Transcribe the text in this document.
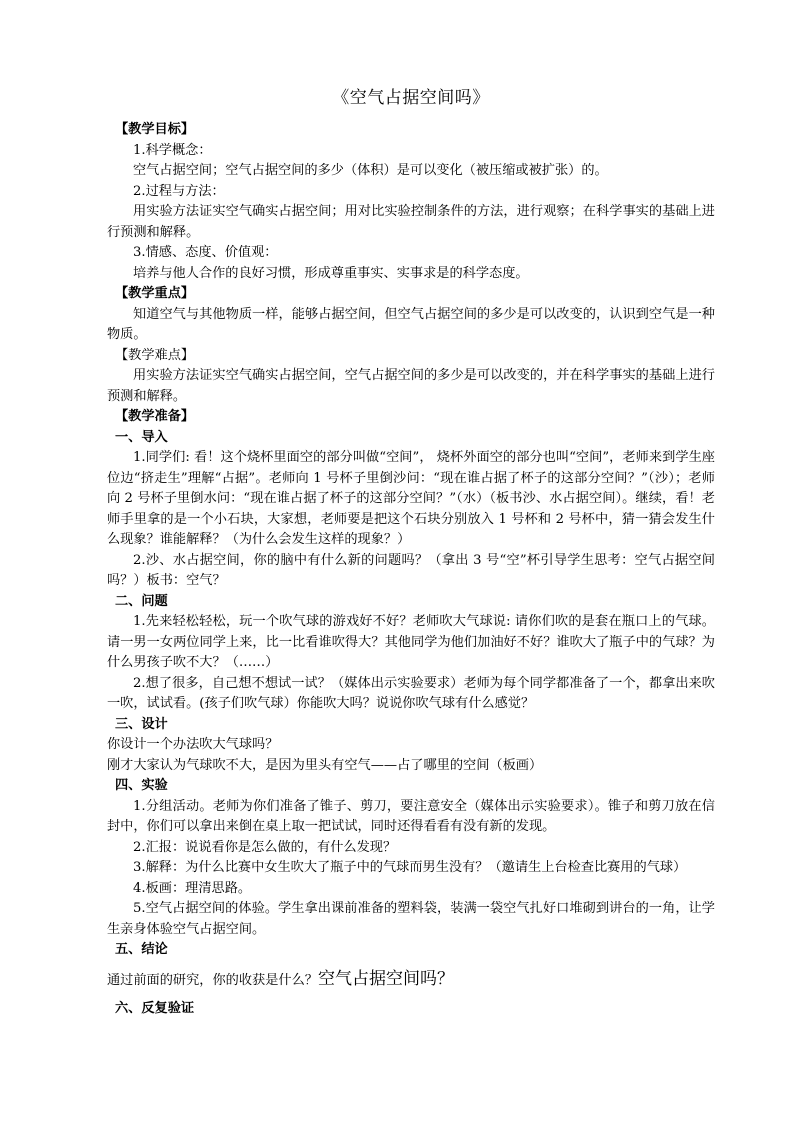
《空气占据空间吗》

【教学目标】

1.科学概念：

空气占据空间；空气占据空间的多少（体积）是可以变化（被压缩或被扩张）的。

2.过程与方法：

用实验方法证实空气确实占据空间；用对比实验控制条件的方法，进行观察；在科学事实的基础上进行预测和解释。

3.情感、态度、价值观：

培养与他人合作的良好习惯，形成尊重事实、实事求是的科学态度。

【教学重点】

知道空气与其他物质一样，能够占据空间，但空气占据空间的多少是可以改变的，认识到空气是一种物质。

【教学难点】

用实验方法证实空气确实占据空间，空气占据空间的多少是可以改变的，并在科学事实的基础上进行预测和解释。

【教学准备】

一、导入

1.同学们: 看！这个烧杯里面空的部分叫做“空间”， 烧杯外面空的部分也叫“空间”，老师来到学生座位边“挤走生”理解“占据”。老师向 1 号杯子里倒沙问：“现在谁占据了杯子的这部分空间？”（沙）；老师向 2 号杯子里倒水问：“现在谁占据了杯子的这部分空间？”（水）（板书沙、水占据空间）。继续，看！老师手里拿的是一个小石块，大家想，老师要是把这个石块分别放入 1 号杯和 2 号杯中，猜一猜会发生什么现象？谁能解释？（为什么会发生这样的现象？）

2.沙、水占据空间，你的脑中有什么新的问题吗？（拿出 3 号“空”杯引导学生思考：空气占据空间吗？）板书：空气？

二、问题

1.先来轻松轻松，玩一个吹气球的游戏好不好？老师吹大气球说: 请你们吹的是套在瓶口上的气球。请一男一女两位同学上来，比一比看谁吹得大？其他同学为他们加油好不好？谁吹大了瓶子中的气球？为什么男孩子吹不大？（……）

2.想了很多，自己想不想试一试？（媒体出示实验要求）老师为每个同学都准备了一个，都拿出来吹一吹，试试看。(孩子们吹气球）你能吹大吗？说说你吹气球有什么感觉？

三、设计

你设计一个办法吹大气球吗？

刚才大家认为气球吹不大，是因为里头有空气——占了哪里的空间（板画）

四、实验

1.分组活动。老师为你们准备了锥子、剪刀，要注意安全（媒体出示实验要求）。锥子和剪刀放在信封中，你们可以拿出来倒在桌上取一把试试，同时还得看看有没有新的发现。

2.汇报：说说看你是怎么做的，有什么发现？

3.解释：为什么比赛中女生吹大了瓶子中的气球而男生没有？（邀请生上台检查比赛用的气球）

4.板画：理清思路。

5.空气占据空间的体验。学生拿出课前准备的塑料袋，装满一袋空气扎好口堆砌到讲台的一角，让学生亲身体验空气占据空间。

五、结论

通过前面的研究，你的收获是什么？空气占据空间吗？

六、反复验证
